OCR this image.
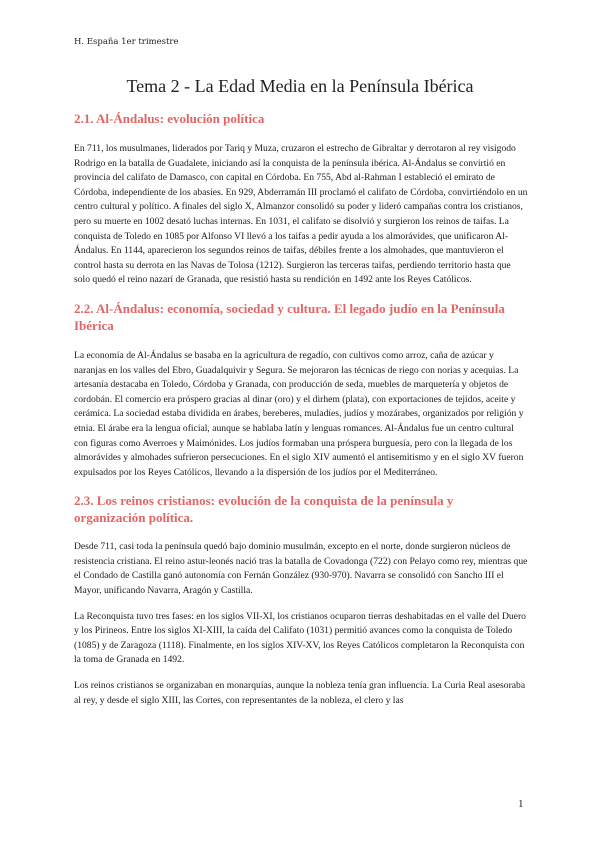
H. España 1er trimestre
Tema 2 - La Edad Media en la Península Ibérica
2.1. Al-Ándalus: evolución política

En 711, los musulmanes, liderados por Tariq y Muza, cruzaron el estrecho de Gibraltar y derrotaron al rey visigodo Rodrigo en la batalla de Guadalete, iniciando así la conquista de la península ibérica. Al-Ándalus se convirtió en provincia del califato de Damasco, con capital en Córdoba. En 755, Abd al-Rahman I estableció el emirato de Córdoba, independiente de los abasíes. En 929, Abderramán III proclamó el califato de Córdoba, convirtiéndolo en un centro cultural y político. A finales del siglo X, Almanzor consolidó su poder y lideró campañas contra los cristianos, pero su muerte en 1002 desató luchas internas. En 1031, el califato se disolvió y surgieron los reinos de taifas. La conquista de Toledo en 1085 por Alfonso VI llevó a los taifas a pedir ayuda a los almorávides, que unificaron Al-Ándalus. En 1144, aparecieron los segundos reinos de taifas, débiles frente a los almohades, que mantuvieron el control hasta su derrota en las Navas de Tolosa (1212). Surgieron las terceras taifas, perdiendo territorio hasta que solo quedó el reino nazarí de Granada, que resistió hasta su rendición en 1492 ante los Reyes Católicos.

2.2. Al-Ándalus: economía, sociedad y cultura. El legado judío en la Península Ibérica

La economía de Al-Ándalus se basaba en la agricultura de regadío, con cultivos como arroz, caña de azúcar y naranjas en los valles del Ebro, Guadalquivir y Segura. Se mejoraron las técnicas de riego con norias y acequias. La artesanía destacaba en Toledo, Córdoba y Granada, con producción de seda, muebles de marquetería y objetos de cordobán. El comercio era próspero gracias al dinar (oro) y el dirhem (plata), con exportaciones de tejidos, aceite y cerámica. La sociedad estaba dividida en árabes, bereberes, muladíes, judíos y mozárabes, organizados por religión y etnia. El árabe era la lengua oficial, aunque se hablaba latín y lenguas romances. Al-Ándalus fue un centro cultural con figuras como Averroes y Maimónides. Los judíos formaban una próspera burguesía, pero con la llegada de los almorávides y almohades sufrieron persecuciones. En el siglo XIV aumentó el antisemitismo y en el siglo XV fueron expulsados por los Reyes Católicos, llevando a la dispersión de los judíos por el Mediterráneo.

2.3. Los reinos cristianos: evolución de la conquista de la península y organización política.

Desde 711, casi toda la península quedó bajo dominio musulmán, excepto en el norte, donde surgieron núcleos de resistencia cristiana. El reino astur-leonés nació tras la batalla de Covadonga (722) con Pelayo como rey, mientras que el Condado de Castilla ganó autonomía con Fernán González (930-970). Navarra se consolidó con Sancho III el Mayor, unificando Navarra, Aragón y Castilla.

La Reconquista tuvo tres fases: en los siglos VII-XI, los cristianos ocuparon tierras deshabitadas en el valle del Duero y los Pirineos. Entre los siglos XI-XIII, la caída del Califato (1031) permitió avances como la conquista de Toledo (1085) y de Zaragoza (1118). Finalmente, en los siglos XIV-XV, los Reyes Católicos completaron la Reconquista con la toma de Granada en 1492.

Los reinos cristianos se organizaban en monarquías, aunque la nobleza tenía gran influencia. La Curia Real asesoraba al rey, y desde el siglo XIII, las Cortes, con representantes de la nobleza, el clero y las

1
